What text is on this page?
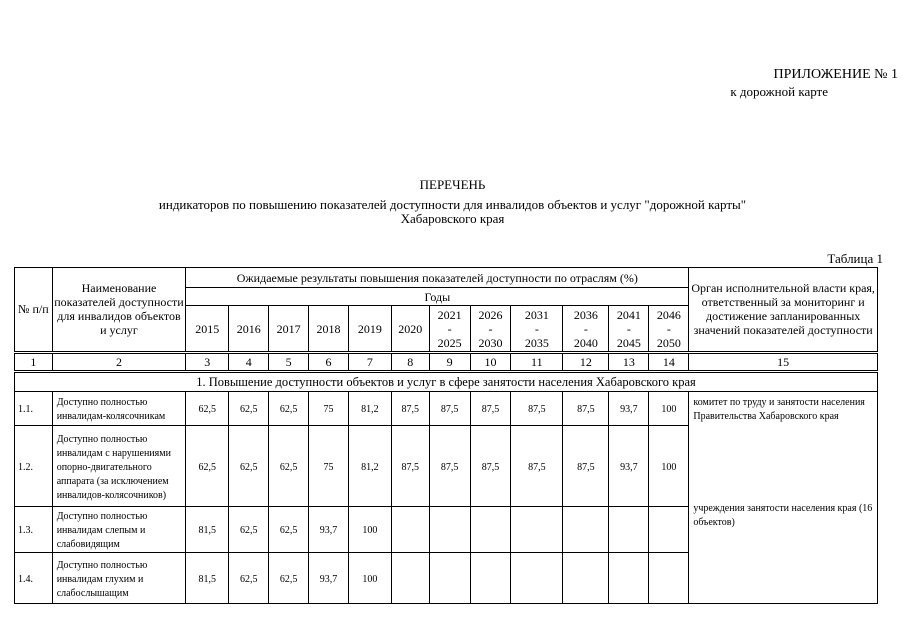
ПРИЛОЖЕНИЕ № 1
к дорожной карте
ПЕРЕЧЕНЬ
индикаторов по повышению показателей доступности для инвалидов объектов и услуг "дорожной карты"
Хабаровского края
Таблица 1
№ п/п	Наименование показателей доступности для инвалидов объектов и услуг	Ожидаемые результаты повышения показателей доступности по отраслям (%)												Орган исполнительной власти края, ответственный за мониторинг и достижение запланированных значений показателей доступности
		Годы												
		2015	2016	2017	2018	2019	2020	2021
-
2025	2026
-
2030	2031
-
2035	2036
-
2040	2041
-
2045	2046
-
2050	
1	2	3	4	5	6	7	8	9	10	11	12	13	14	15
1. Повышение доступности объектов и услуг в сфере занятости населения Хабаровского края														
1.1.	Доступно полностью инвалидам-колясочникам	62,5	62,5	62,5	75	81,2	87,5	87,5	87,5	87,5	87,5	93,7	100	комитет по труду и занятости населения Правительства Хабаровского края
1.2.	Доступно полностью инвалидам с нарушениями опорно-двигательного аппарата (за исключением инвалидов-колясочников)	62,5	62,5	62,5	75	81,2	87,5	87,5	87,5	87,5	87,5	93,7	100	учреждения занятости населения края (16 объектов)
1.3.	Доступно полностью инвалидам слепым и слабовидящим	81,5	62,5	62,5	93,7	100								
1.4.	Доступно полностью инвалидам глухим и слабослышащим	81,5	62,5	62,5	93,7	100								
